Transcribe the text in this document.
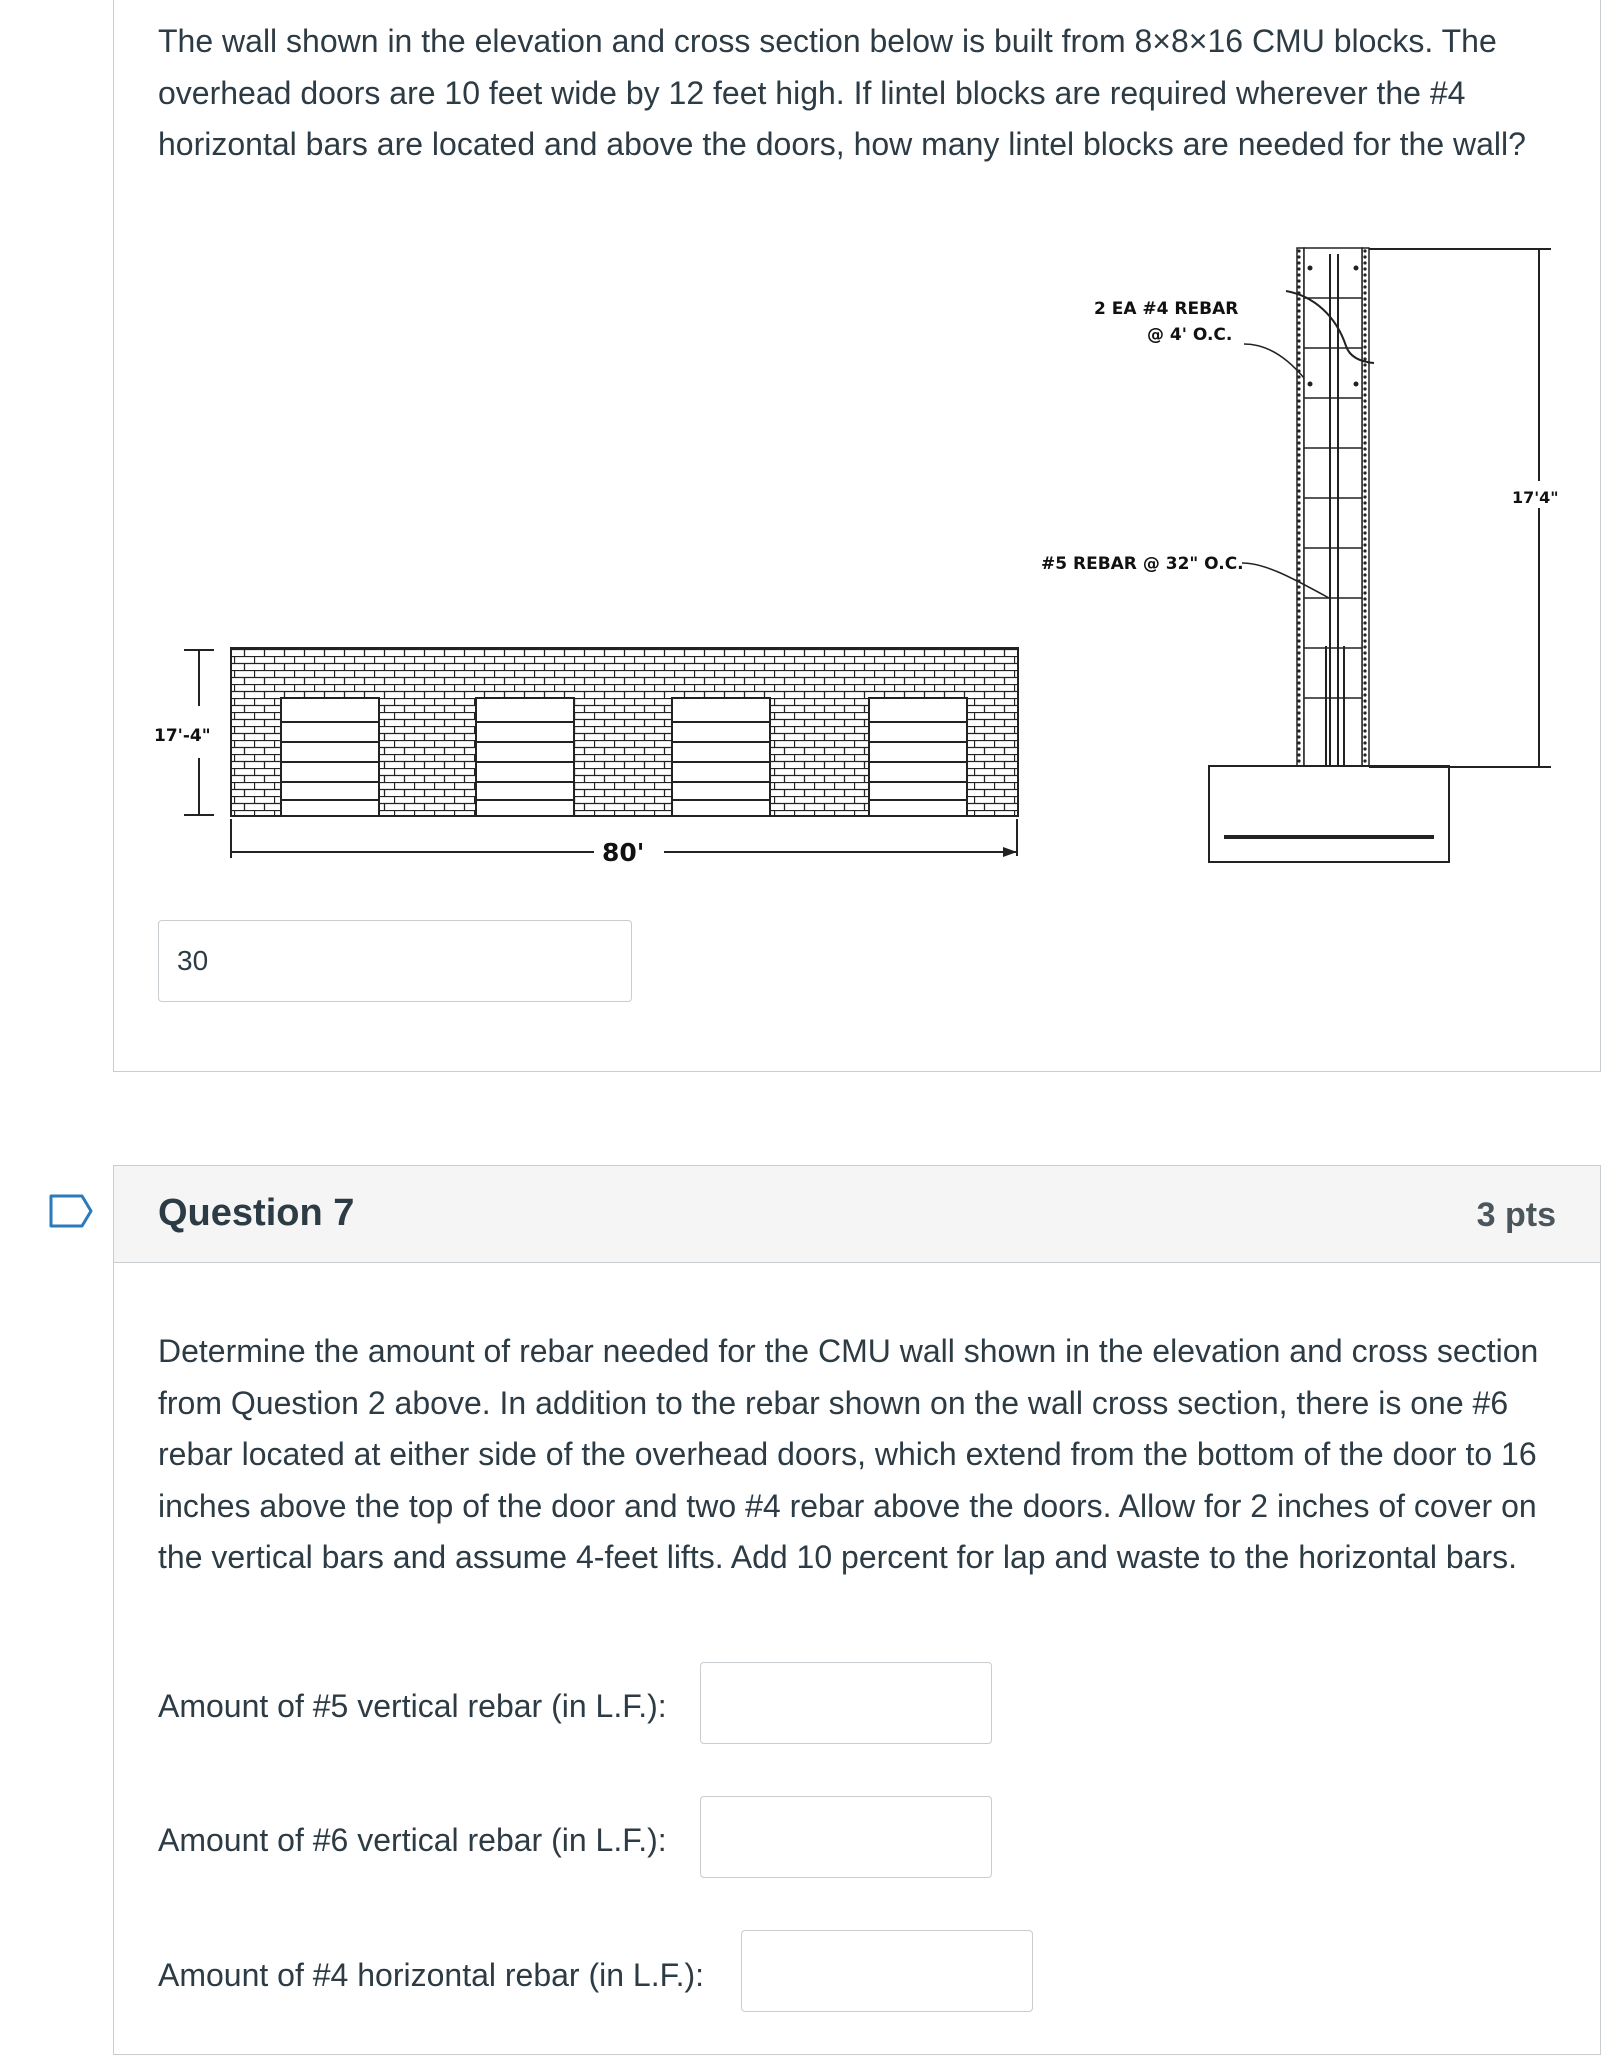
The wall shown in the elevation and cross section below is built from 8×8×16 CMU blocks. The overhead doors are 10 feet wide by 12 feet high. If lintel blocks are required wherever the #4 horizontal bars are located and above the doors, how many lintel blocks are needed for the wall?
17'-4"
80'
2 EA #4 REBAR
@ 4' O.C.
#5 REBAR @ 32" O.C.
17'4"
30
Question 7	3 pts
Determine the amount of rebar needed for the CMU wall shown in the elevation and cross section from Question 2 above. In addition to the rebar shown on the wall cross section, there is one #6 rebar located at either side of the overhead doors, which extend from the bottom of the door to 16 inches above the top of the door and two #4 rebar above the doors. Allow for 2 inches of cover on the vertical bars and assume 4-feet lifts. Add 10 percent for lap and waste to the horizontal bars.
Amount of #5 vertical rebar (in L.F.):
Amount of #6 vertical rebar (in L.F.):
Amount of #4 horizontal rebar (in L.F.):
